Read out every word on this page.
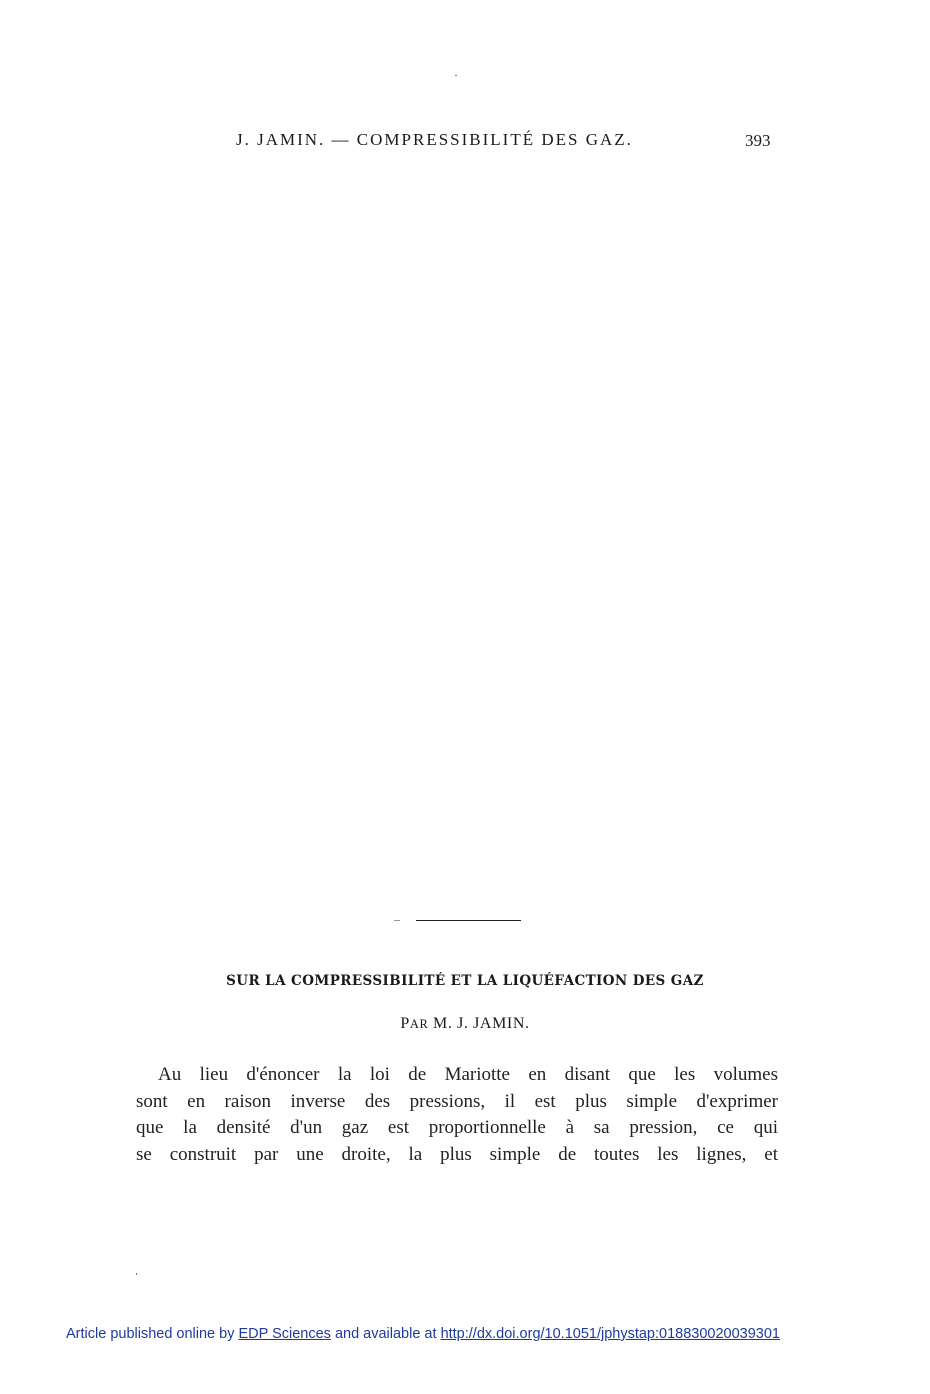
J. JAMIN. — COMPRESSIBILITÉ DES GAZ.	393
SUR LA COMPRESSIBILITÉ ET LA LIQUÉFACTION DES GAZ
PAR M. J. JAMIN.
Au lieu d'énoncer la loi de Mariotte en disant que les volumes
sont en raison inverse des pressions, il est plus simple d'exprimer
que la densité d'un gaz est proportionnelle à sa pression, ce qui
se construit par une droite, la plus simple de toutes les lignes, et
Article published online by EDP Sciences and available at http://dx.doi.org/10.1051/jphystap:018830020039301
